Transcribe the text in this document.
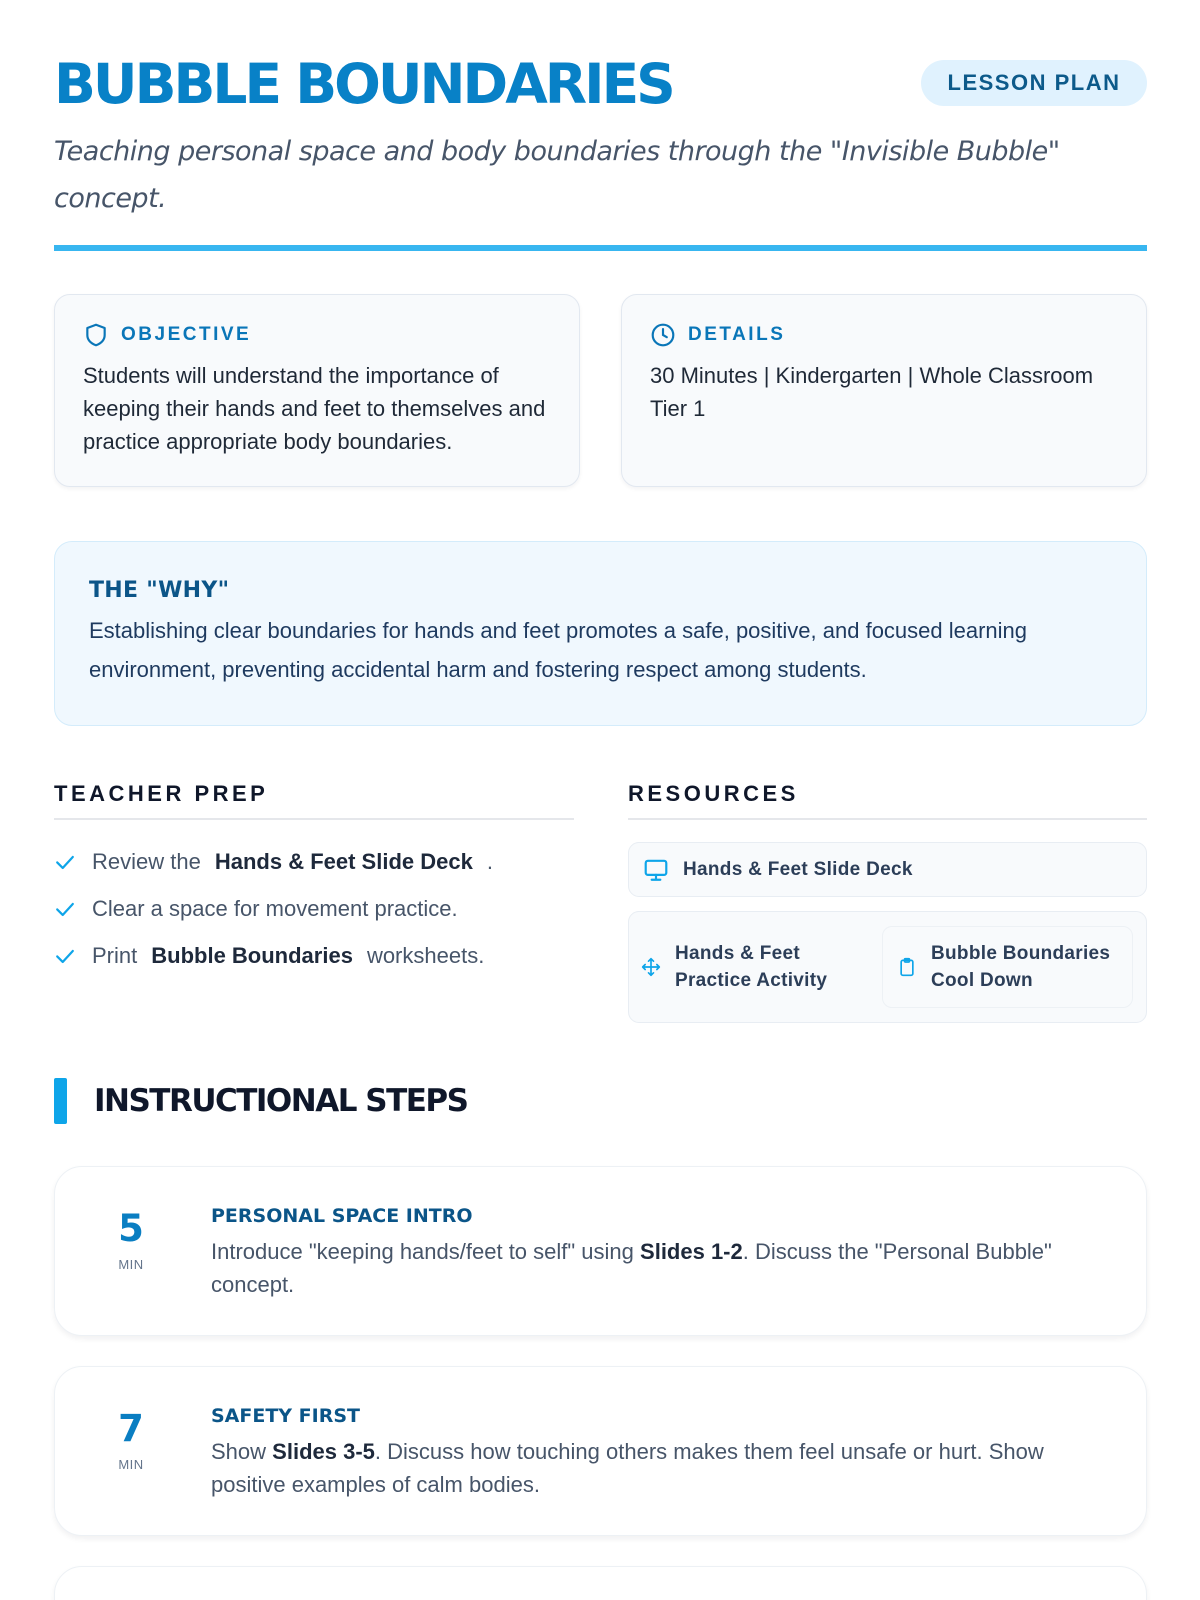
BUBBLE BOUNDARIES	LESSON PLAN

Teaching personal space and body boundaries through the "Invisible Bubble" concept.

OBJECTIVE

Students will understand the importance of keeping their hands and feet to themselves and practice appropriate body boundaries.

DETAILS

30 Minutes | Kindergarten | Whole Classroom Tier 1

THE "WHY"

Establishing clear boundaries for hands and feet promotes a safe, positive, and focused learning environment, preventing accidental harm and fostering respect among students.

TEACHER PREP
Review the Hands & Feet Slide Deck .
Clear a space for movement practice.
Print Bubble Boundaries worksheets.
RESOURCES
Hands & Feet Slide Deck
Hands & Feet Practice Activity
Bubble Boundaries Cool Down
INSTRUCTIONAL STEPS
5
MIN
PERSONAL SPACE INTRO

Introduce "keeping hands/feet to self" using Slides 1-2. Discuss the "Personal Bubble" concept.

7
MIN
SAFETY FIRST

Show Slides 3-5. Discuss how touching others makes them feel unsafe or hurt. Show positive examples of calm bodies.
